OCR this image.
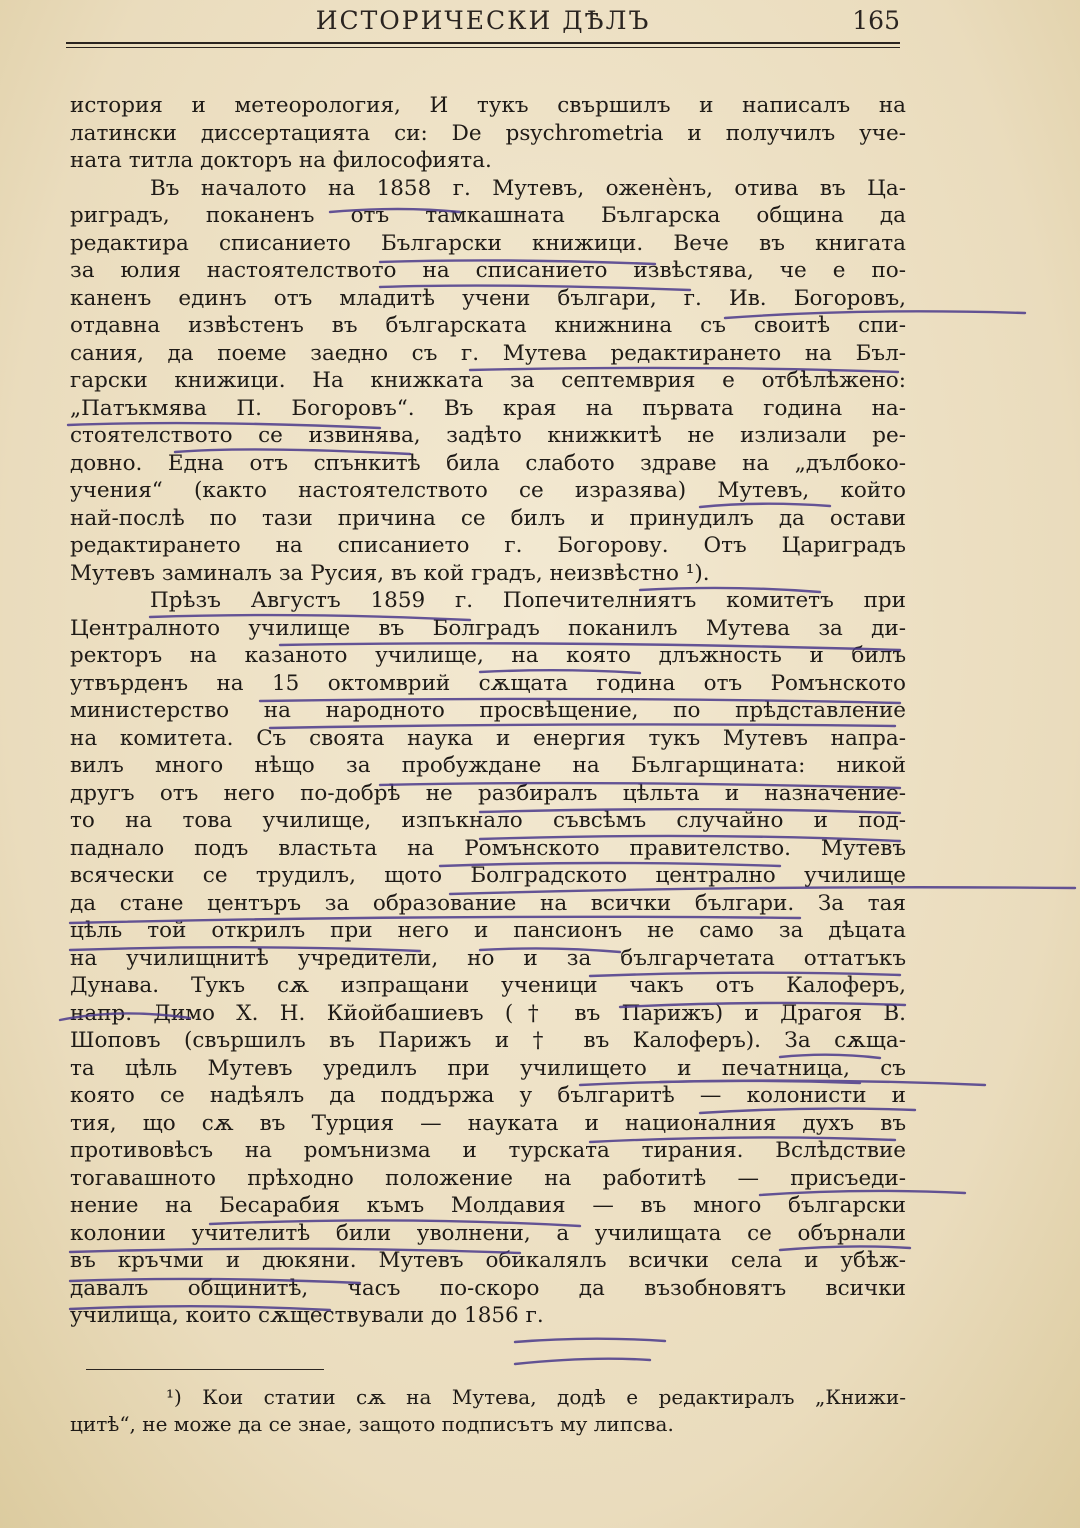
ИСТОРИЧЕСКИ ДѢЛЪ	165
история и метеорология, И тукъ свършилъ и написалъ на
латински диссертацията си: De psychrometria и получилъ уче-
ната титла докторъ на философията.
Въ началото на 1858 г. Мутевъ, оженѐнъ, отива въ Ца-
риградъ, поканенъ отъ тамкашната Българска община да
редактира списанието Български книжици. Вече въ книгата
за юлия настоятелството на списанието извѣстява, че е по-
каненъ единъ отъ младитѣ учени българи, г. Ив. Богоровъ,
отдавна извѣстенъ въ българската книжнина съ своитѣ спи-
сания, да поеме заедно съ г. Мутева редактирането на Бъл-
гарски книжици. На книжката за септемврия е отбѣлѣжено:
„Патъкмява П. Богоровъ“. Въ края на първата година на-
стоятелството се извинява, задѣто книжкитѣ не излизали ре-
довно. Една отъ спънкитѣ била слабото здраве на „дълбоко-
учения“ (както настоятелството се изразява) Мутевъ, който
най-послѣ по тази причина се билъ и принудилъ да остави
редактирането на списанието г. Богорову. Отъ Цариградъ
Мутевъ заминалъ за Русия, въ кой градъ, неизвѣстно ¹).
Прѣзъ Августъ 1859 г. Попечителниятъ комитетъ при
Централното училище въ Болградъ поканилъ Мутева за ди-
ректоръ на казаното училище, на която длъжность и билъ
утвърденъ на 15 октомврий сѫщата година отъ Ромънското
министерство на народното просвѣщение, по прѣдставление
на комитета. Съ своята наука и енергия тукъ Мутевъ напра-
вилъ много нѣщо за пробуждане на Българщината: никой
другъ отъ него по-добрѣ не разбиралъ цѣльта и назначение-
то на това училище, изпъкнало съвсѣмъ случайно и под-
паднало подъ властьта на Ромънското правителство. Мутевъ
всячески се трудилъ, щото Болградското централно училище
да стане центъръ за образование на всички българи. За тая
цѣль той открилъ при него и пансионъ не само за дѣцата
на училищнитѣ учредители, но и за българчетата оттатъкъ
Дунава. Тукъ сѫ изпращани ученици чакъ отъ Калоферъ,
напр. Димо Х. Н. Кйойбашиевъ († въ Парижъ) и Драгоя В.
Шоповъ (свършилъ въ Парижъ и † въ Калоферъ). За сѫща-
та цѣль Мутевъ уредилъ при училището и печатница, съ
която се надѣялъ да поддържа у българитѣ — колонисти и
тия, що сѫ въ Турция — науката и националния духъ въ
противовѣсъ на ромънизма и турската тирания. Вслѣдствие
тогавашното прѣходно положение на работитѣ — присъеди-
нение на Бесарабия къмъ Молдавия — въ много български
колонии учителитѣ били уволнени, а училищата се обърнали
въ кръчми и дюкяни. Мутевъ обикалялъ всички села и убѣж-
давалъ общинитѣ, часъ по-скоро да възобновятъ всички
училища, които сѫществували до 1856 г.
¹) Кои статии сѫ на Мутева, додѣ е редактиралъ „Книжи-
цитѣ“, не може да се знае, защото подписътъ му липсва.
